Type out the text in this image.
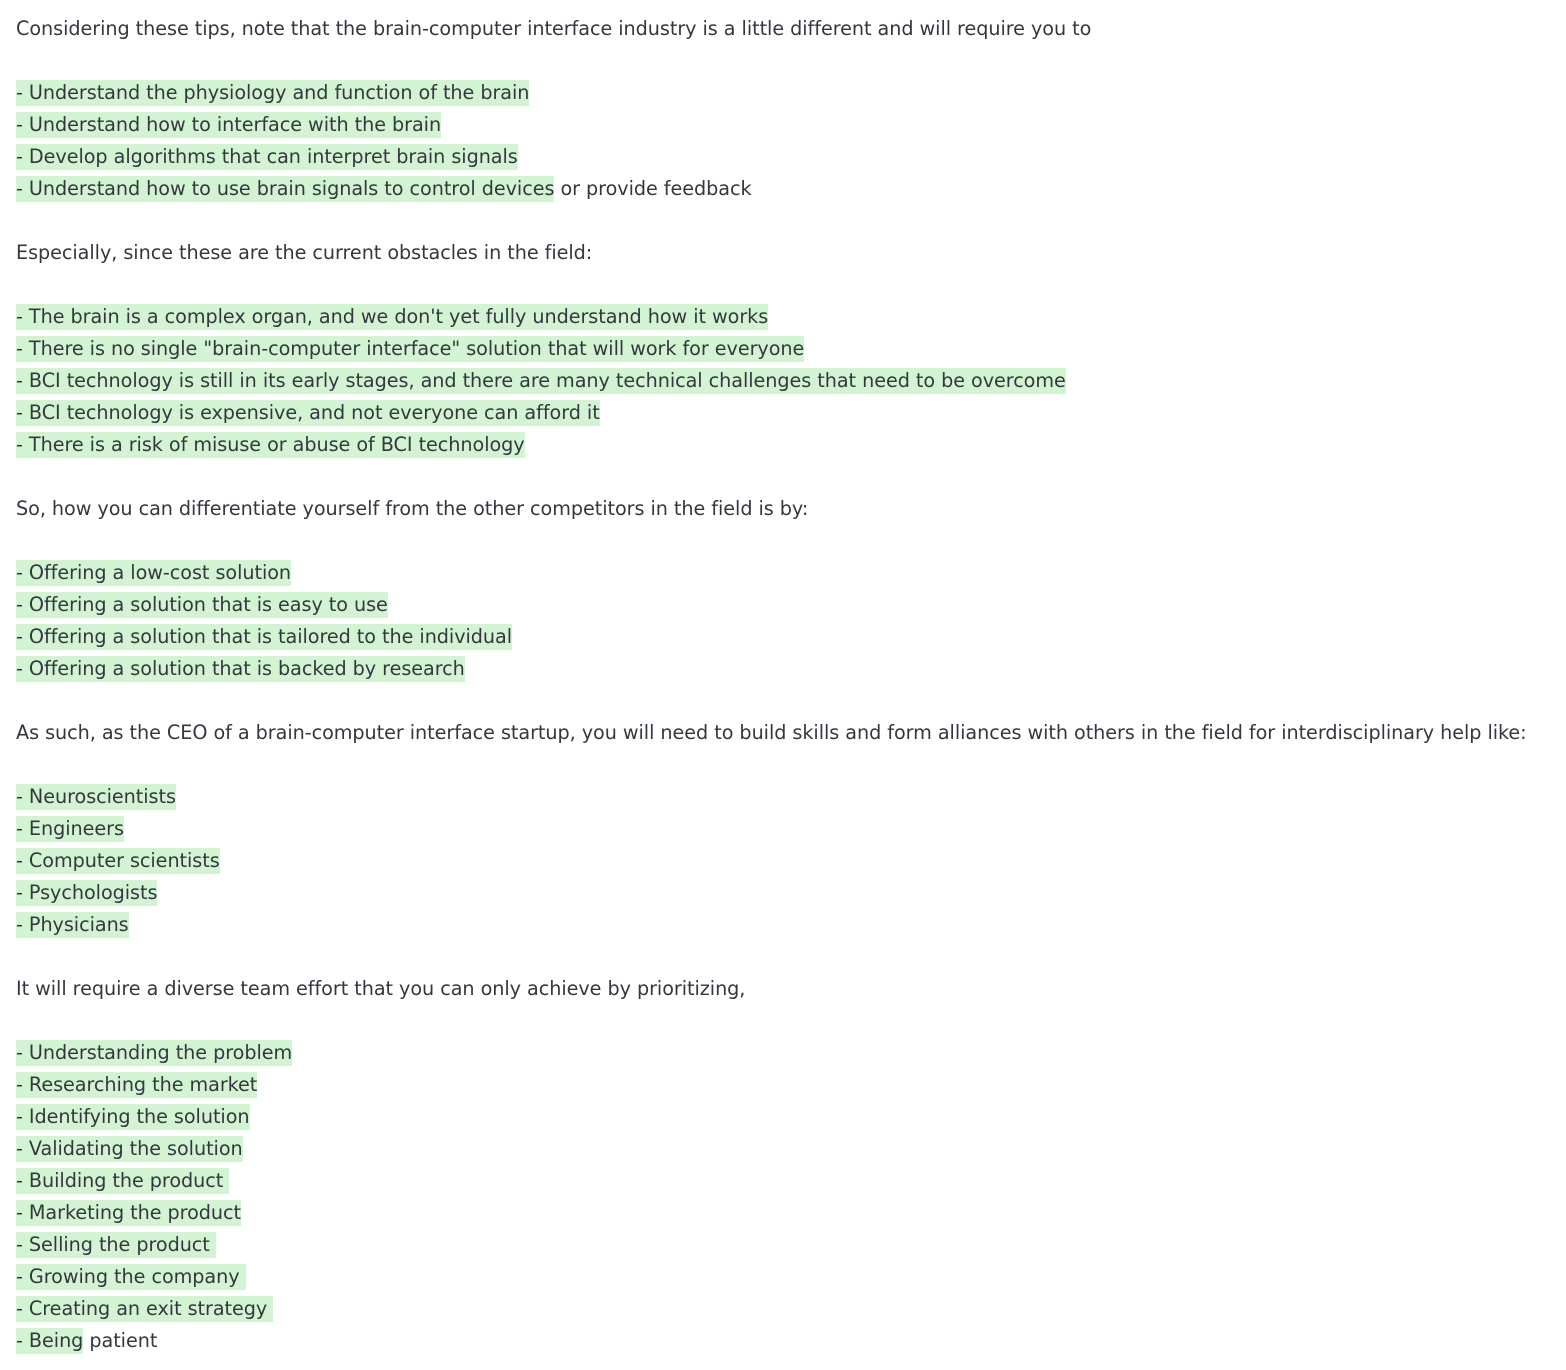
Considering these tips, note that the brain-computer interface industry is a little different and will require you to
- Understand the physiology and function of the brain
- Understand how to interface with the brain
- Develop algorithms that can interpret brain signals
- Understand how to use brain signals to control devices or provide feedback
Especially, since these are the current obstacles in the field:
- The brain is a complex organ, and we don't yet fully understand how it works
- There is no single "brain-computer interface" solution that will work for everyone
- BCI technology is still in its early stages, and there are many technical challenges that need to be overcome
- BCI technology is expensive, and not everyone can afford it
- There is a risk of misuse or abuse of BCI technology
So, how you can differentiate yourself from the other competitors in the field is by:
- Offering a low-cost solution
- Offering a solution that is easy to use
- Offering a solution that is tailored to the individual
- Offering a solution that is backed by research
As such, as the CEO of a brain-computer interface startup, you will need to build skills and form alliances with others in the field for interdisciplinary help like:
- Neuroscientists
- Engineers
- Computer scientists
- Psychologists
- Physicians
It will require a diverse team effort that you can only achieve by prioritizing,
- Understanding the problem
- Researching the market
- Identifying the solution
- Validating the solution
- Building the product
- Marketing the product
- Selling the product
- Growing the company
- Creating an exit strategy
- Being patient
